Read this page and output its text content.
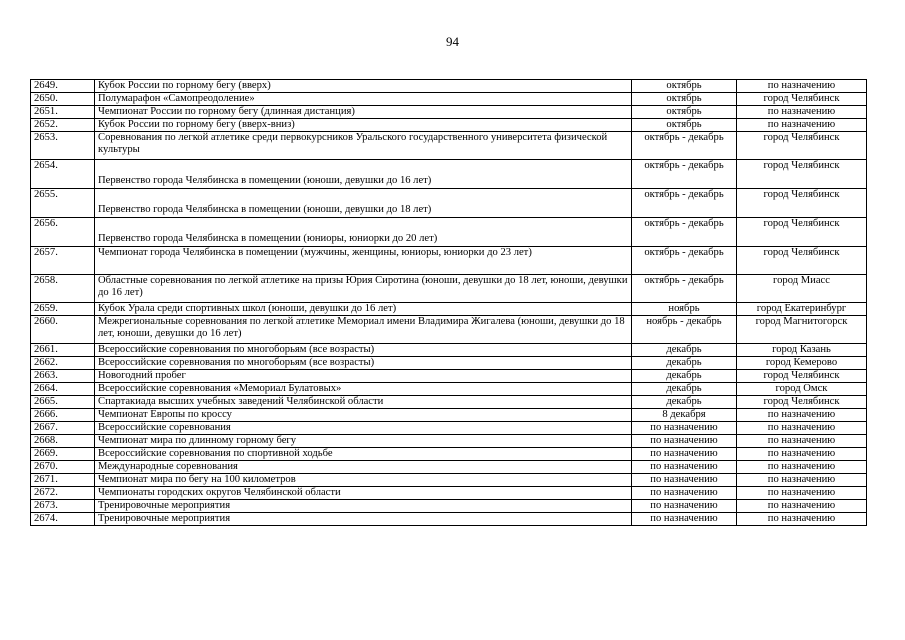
94
2649.	Кубок России по горному бегу (вверх)	октябрь	по назначению
2650.	Полумарафон «Самопреодоление»	октябрь	город Челябинск
2651.	Чемпионат России по горному бегу (длинная дистанция)	октябрь	по назначению
2652.	Кубок России по горному бегу (вверх-вниз)	октябрь	по назначению
2653.	Соревнования по легкой атлетике среди первокурсников Уральского государственного университета физической культуры	октябрь - декабрь	город Челябинск
2654.	Первенство города Челябинска в помещении (юноши, девушки до 16 лет)	октябрь - декабрь	город Челябинск
2655.	Первенство города Челябинска в помещении (юноши, девушки до 18 лет)	октябрь - декабрь	город Челябинск
2656.	Первенство города Челябинска в помещении (юниоры, юниорки до 20 лет)	октябрь - декабрь	город Челябинск
2657.	Чемпионат города Челябинска в помещении (мужчины, женщины, юниоры, юниорки до 23 лет)	октябрь - декабрь	город Челябинск
2658.	Областные соревнования по легкой атлетике на призы Юрия Сиротина (юноши, девушки до 18 лет, юноши, девушки до 16 лет)	октябрь - декабрь	город Миасс
2659.	Кубок Урала среди спортивных школ (юноши, девушки до 16 лет)	ноябрь	город Екатеринбург
2660.	Межрегиональные соревнования по легкой атлетике Мемориал имени Владимира Жигалева (юноши, девушки до 18 лет, юноши, девушки до 16 лет)	ноябрь - декабрь	город Магнитогорск
2661.	Всероссийские соревнования по многоборьям (все возрасты)	декабрь	город Казань
2662.	Всероссийские соревнования по многоборьям (все возрасты)	декабрь	город Кемерово
2663.	Новогодний пробег	декабрь	город Челябинск
2664.	Всероссийские соревнования «Мемориал Булатовых»	декабрь	город Омск
2665.	Спартакиада высших учебных заведений Челябинской области	декабрь	город Челябинск
2666.	Чемпионат Европы по кроссу	8 декабря	по назначению
2667.	Всероссийские соревнования	по назначению	по назначению
2668.	Чемпионат мира по длинному горному бегу	по назначению	по назначению
2669.	Всероссийские соревнования по спортивной ходьбе	по назначению	по назначению
2670.	Международные соревнования	по назначению	по назначению
2671.	Чемпионат мира по бегу на 100 километров	по назначению	по назначению
2672.	Чемпионаты городских округов Челябинской области	по назначению	по назначению
2673.	Тренировочные мероприятия	по назначению	по назначению
2674.	Тренировочные мероприятия	по назначению	по назначению
